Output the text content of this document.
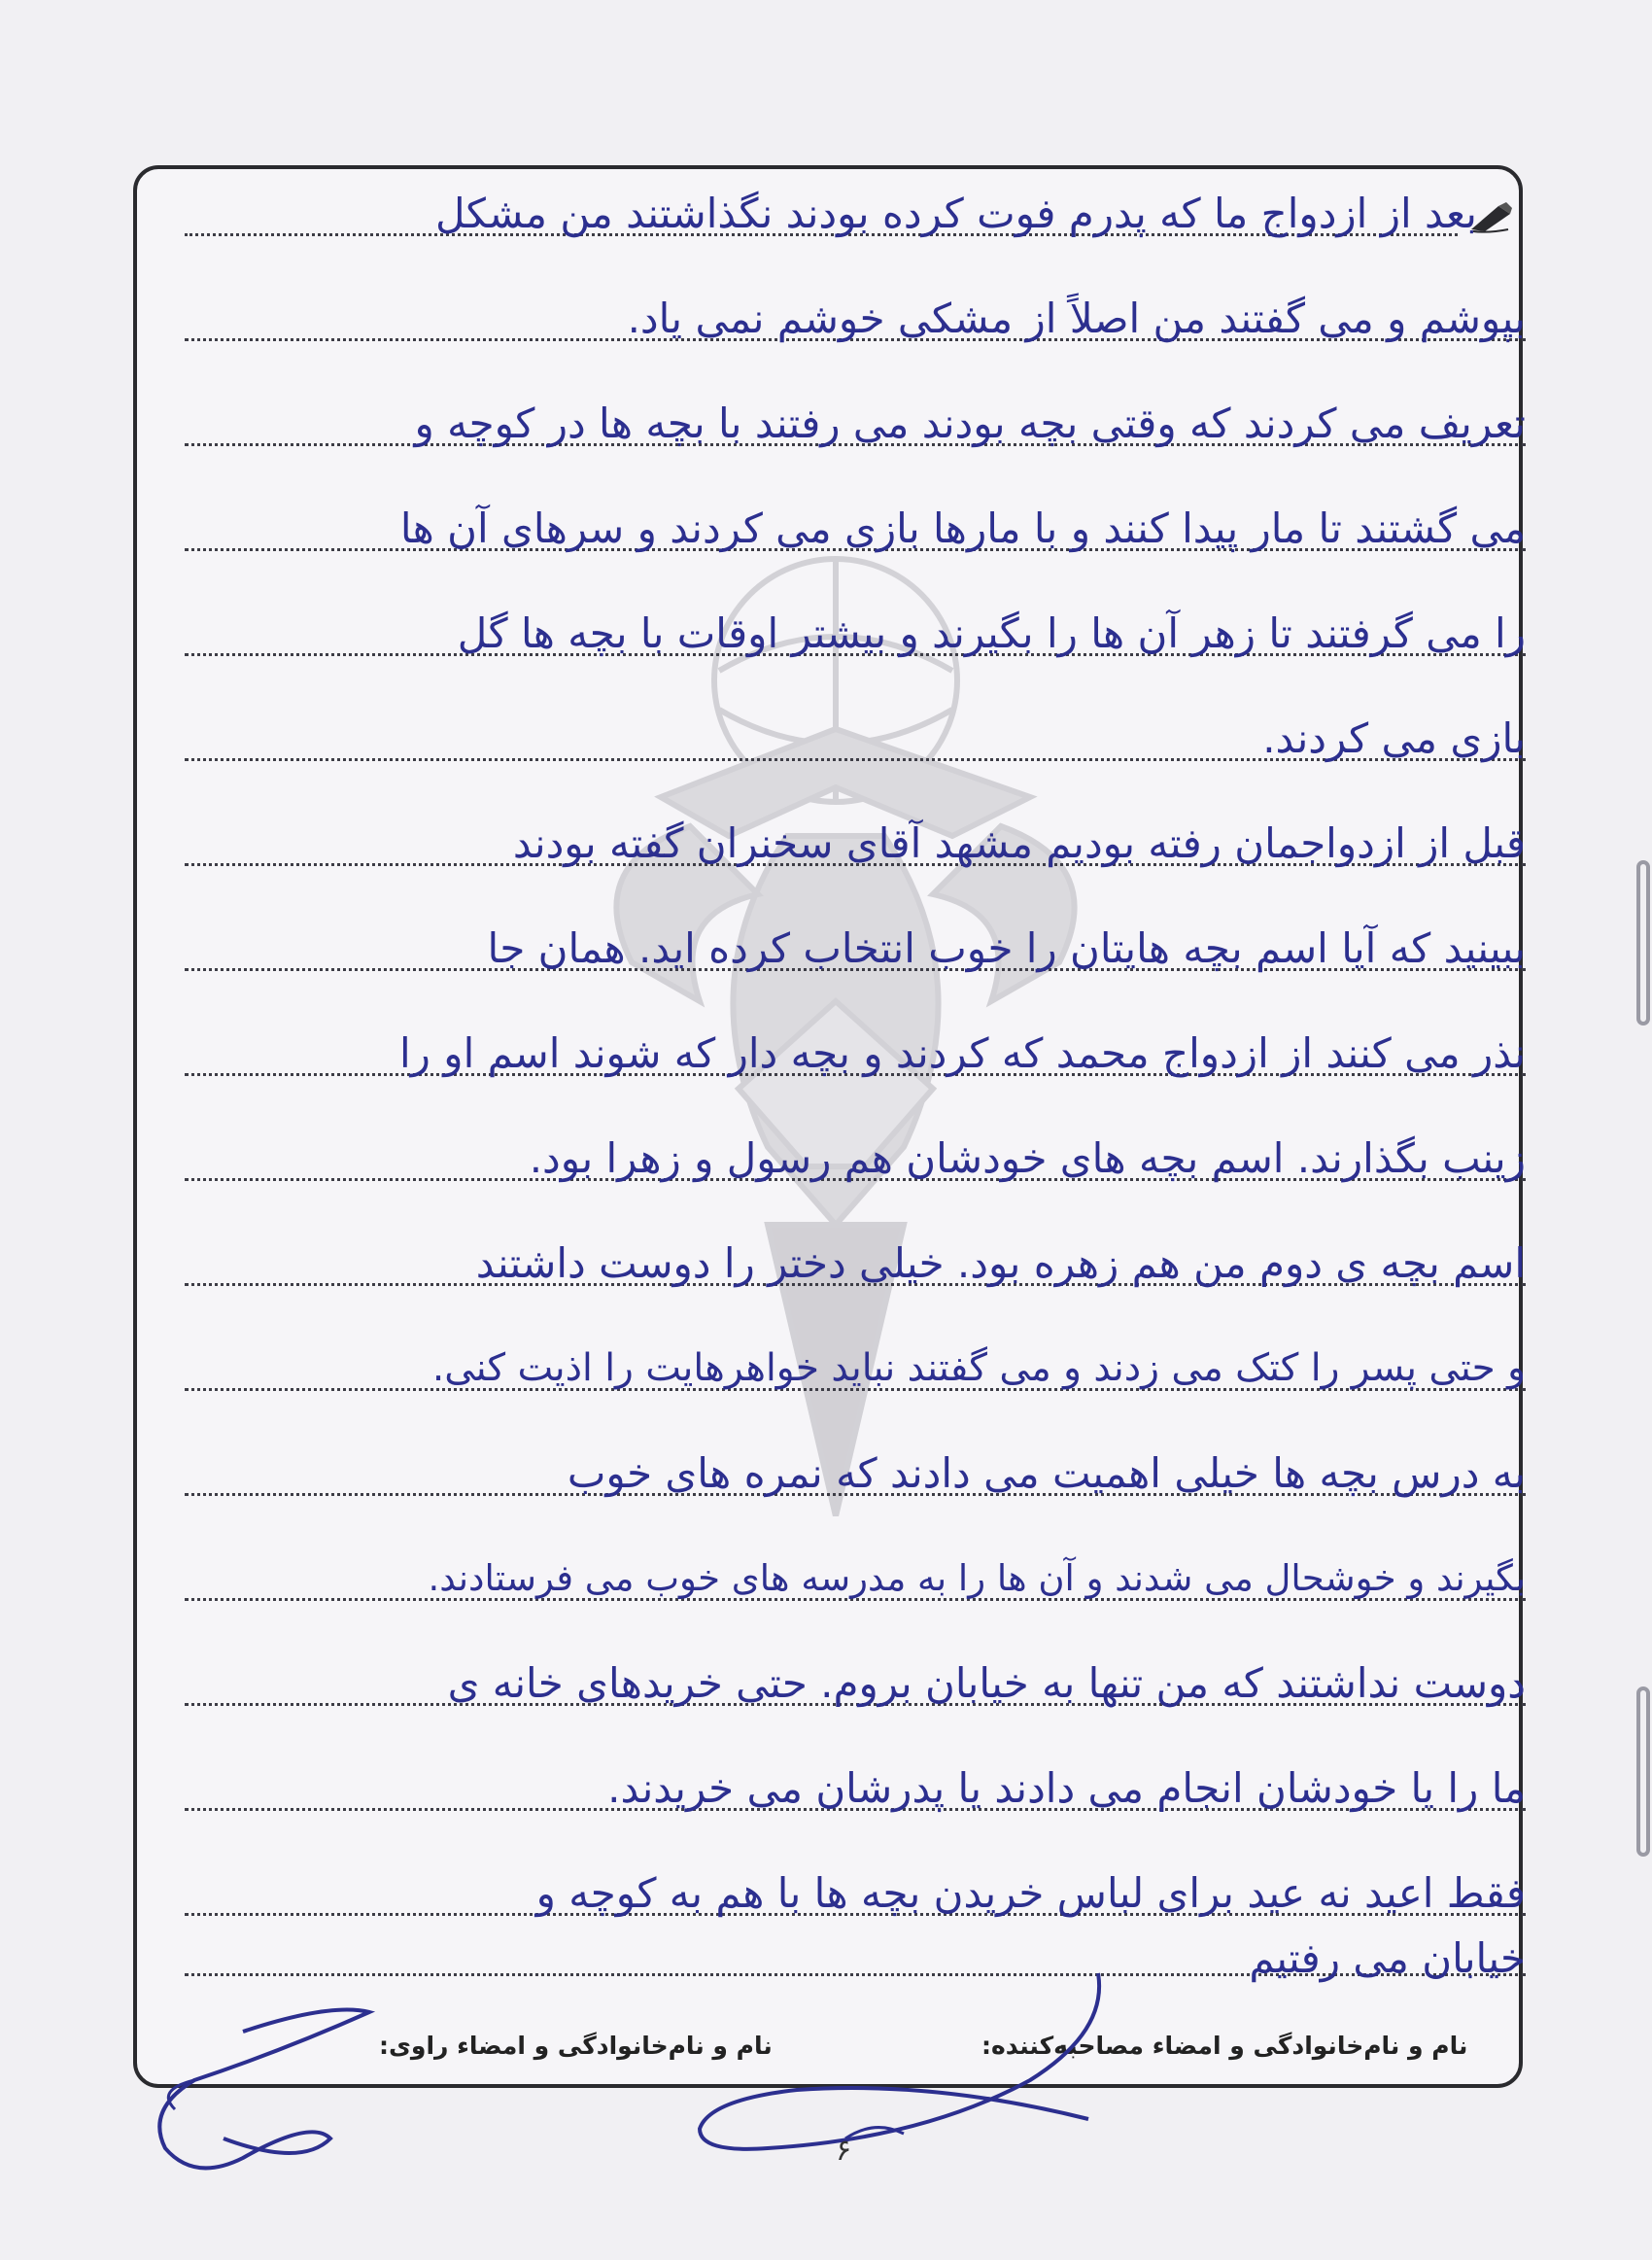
بعد از ازدواج ما که پدرم فوت کرده بودند نگذاشتند من مشکل
بپوشم و می گفتند من اصلاً از مشکی خوشم نمی یاد.
تعریف می کردند که وقتی بچه بودند می رفتند با بچه ها در کوچه و
می گشتند تا مار پیدا کنند و با مارها بازی می کردند و سرهای آن ها
را می گرفتند تا زهر آن ها را بگیرند و بیشتر اوقات با بچه ها گل
بازی می کردند.
قبل از ازدواجمان رفته بودیم مشهد آقای سخنران گفته بودند
ببینید که آیا اسم بچه هایتان را خوب انتخاب کرده اید. همان جا
نذر می کنند از ازدواج محمد که کردند و بچه دار که شوند اسم او را
زینب بگذارند. اسم بچه های خودشان هم رسول و زهرا بود.
اسم بچه ی دوم من هم زهره بود. خیلی دختر را دوست داشتند
و حتی پسر را کتک می زدند و می گفتند نباید خواهرهایت را اذیت کنی.
به درس بچه ها خیلی اهمیت می دادند که نمره های خوب
بگیرند و خوشحال می شدند و آن ها را به مدرسه های خوب می فرستادند.
دوست نداشتند که من تنها به خیابان بروم. حتی خریدهای خانه ی
ما را یا خودشان انجام می دادند یا پدرشان می خریدند.
فقط اعید نه عید برای لباس خریدن بچه ها با هم به کوچه و
خیابان می رفتیم
نام و نام‌خانوادگی و امضاء مصاحبه‌کننده:
نام و نام‌خانوادگی و امضاء راوی:
۶
